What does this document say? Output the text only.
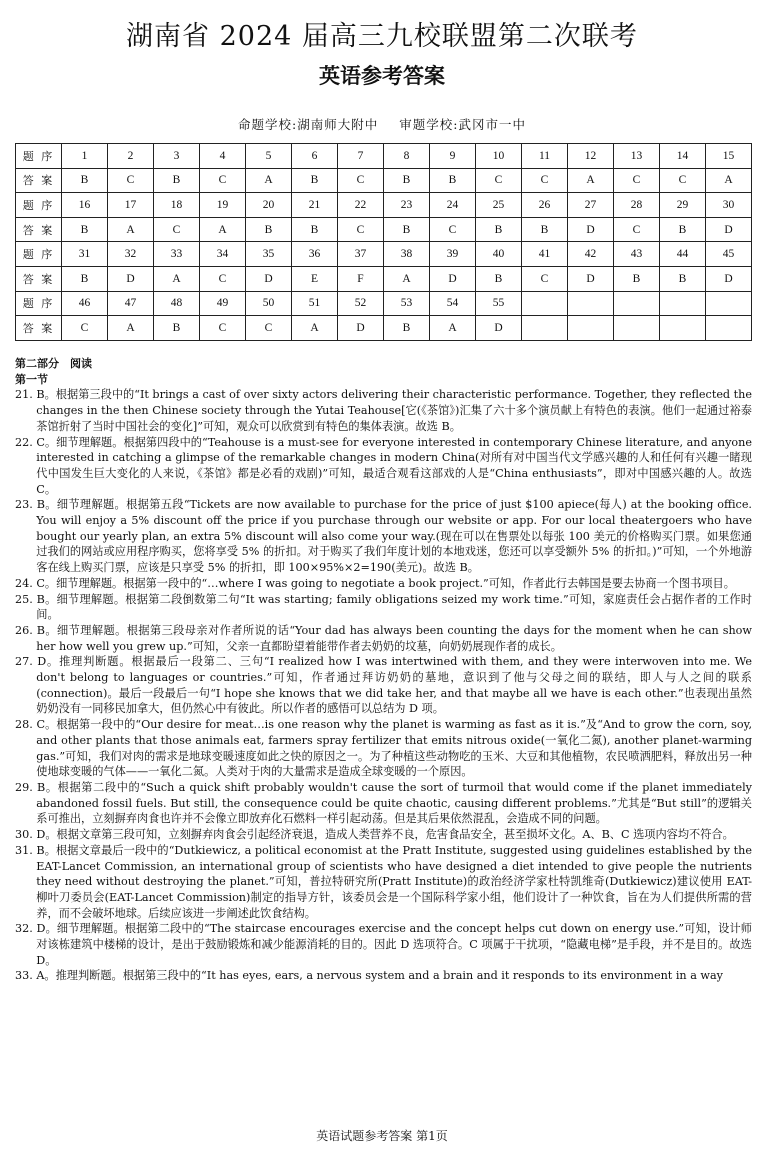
湖南省 2024 届高三九校联盟第二次联考
英语参考答案
命题学校:湖南师大附中 审题学校:武冈市一中
题 序	1	2	3	4	5	6	7	8	9	10	11	12	13	14	15
答 案	B	C	B	C	A	B	C	B	B	C	C	A	C	C	A
题 序	16	17	18	19	20	21	22	23	24	25	26	27	28	29	30
答 案	B	A	C	A	B	B	C	B	C	B	B	D	C	B	D
题 序	31	32	33	34	35	36	37	38	39	40	41	42	43	44	45
答 案	B	D	A	C	D	E	F	A	D	B	C	D	B	B	D
题 序	46	47	48	49	50	51	52	53	54	55					
答 案	C	A	B	C	C	A	D	B	A	D					

第二部分　阅读

第一节

21. B。根据第三段中的“It brings a cast of over sixty actors delivering their characteristic performance. Together, they reflected the changes in the then Chinese society through the Yutai Teahouse[它(《茶馆》)汇集了六十多个演员献上有特色的表演。他们一起通过裕泰茶馆折射了当时中国社会的变化]”可知，观众可以欣赏到有特色的集体表演。故选 B。

22. C。细节理解题。根据第四段中的“Teahouse is a must-see for everyone interested in contemporary Chinese literature, and anyone interested in catching a glimpse of the remarkable changes in modern China(对所有对中国当代文学感兴趣的人和任何有兴趣一睹现代中国发生巨大变化的人来说，《茶馆》都是必看的戏剧)”可知，最适合观看这部戏的人是“China enthusiasts”，即对中国感兴趣的人。故选 C。

23. B。细节理解题。根据第五段“Tickets are now available to purchase for the price of just $100 apiece(每人) at the booking office. You will enjoy a 5% discount off the price if you purchase through our website or app. For our local theatergoers who have bought our yearly plan, an extra 5% discount will also come your way.(现在可以在售票处以每张 100 美元的价格购买门票。如果您通过我们的网站或应用程序购买，您将享受 5% 的折扣。对于购买了我们年度计划的本地戏迷，您还可以享受额外 5% 的折扣。)”可知，一个外地游客在线上购买门票，应该是只享受 5% 的折扣，即 100×95%×2=190(美元)。故选 B。

24. C。细节理解题。根据第一段中的“…where I was going to negotiate a book project.”可知，作者此行去韩国是要去协商一个图书项目。

25. B。细节理解题。根据第二段倒数第二句“It was starting; family obligations seized my work time.”可知，家庭责任会占据作者的工作时间。

26. B。细节理解题。根据第三段母亲对作者所说的话“Your dad has always been counting the days for the moment when he can show her how well you grew up.”可知，父亲一直都盼望着能带作者去奶奶的坟墓，向奶奶展现作者的成长。

27. D。推理判断题。根据最后一段第二、三句“I realized how I was intertwined with them, and they were interwoven into me. We don't belong to languages or countries.”可知，作者通过拜访奶奶的墓地，意识到了他与父母之间的联结，即人与人之间的联系(connection)。最后一段最后一句“I hope she knows that we did take her, and that maybe all we have is each other.”也表现出虽然奶奶没有一同移民加拿大，但仍然心中有彼此。所以作者的感悟可以总结为 D 项。

28. C。根据第一段中的“Our desire for meat…is one reason why the planet is warming as fast as it is.”及“And to grow the corn, soy, and other plants that those animals eat, farmers spray fertilizer that emits nitrous oxide(一氧化二氮), another planet-warming gas.”可知，我们对肉的需求是地球变暖速度如此之快的原因之一。为了种植这些动物吃的玉米、大豆和其他植物，农民喷洒肥料，释放出另一种使地球变暖的气体——一氧化二氮。人类对于肉的大量需求是造成全球变暖的一个原因。

29. B。根据第二段中的“Such a quick shift probably wouldn't cause the sort of turmoil that would come if the planet immediately abandoned fossil fuels. But still, the consequence could be quite chaotic, causing different problems.”尤其是“But still”的逻辑关系可推出，立刻摒弃肉食也许并不会像立即放弃化石燃料一样引起动荡。但是其后果依然混乱，会造成不同的问题。

30. D。根据文章第三段可知，立刻摒弃肉食会引起经济衰退，造成人类营养不良，危害食品安全，甚至损坏文化。A、B、C 选项内容均不符合。

31. B。根据文章最后一段中的“Dutkiewicz, a political economist at the Pratt Institute, suggested using guidelines established by the EAT-Lancet Commission, an international group of scientists who have designed a diet intended to give people the nutrients they need without destroying the planet.”可知，普拉特研究所(Pratt Institute)的政治经济学家杜特凯维奇(Dutkiewicz)建议使用 EAT-柳叶刀委员会(EAT-Lancet Commission)制定的指导方针，该委员会是一个国际科学家小组，他们设计了一种饮食，旨在为人们提供所需的营养，而不会破坏地球。后续应该进一步阐述此饮食结构。

32. D。细节理解题。根据第二段中的“The staircase encourages exercise and the concept helps cut down on energy use.”可知，设计师对该栋建筑中楼梯的设计，是出于鼓励锻炼和减少能源消耗的目的。因此 D 选项符合。C 项属于干扰项，“隐藏电梯”是手段，并不是目的。故选 D。

33. A。推理判断题。根据第三段中的“It has eyes, ears, a nervous system and a brain and it responds to its environment in a way

英语试题参考答案 第1页
